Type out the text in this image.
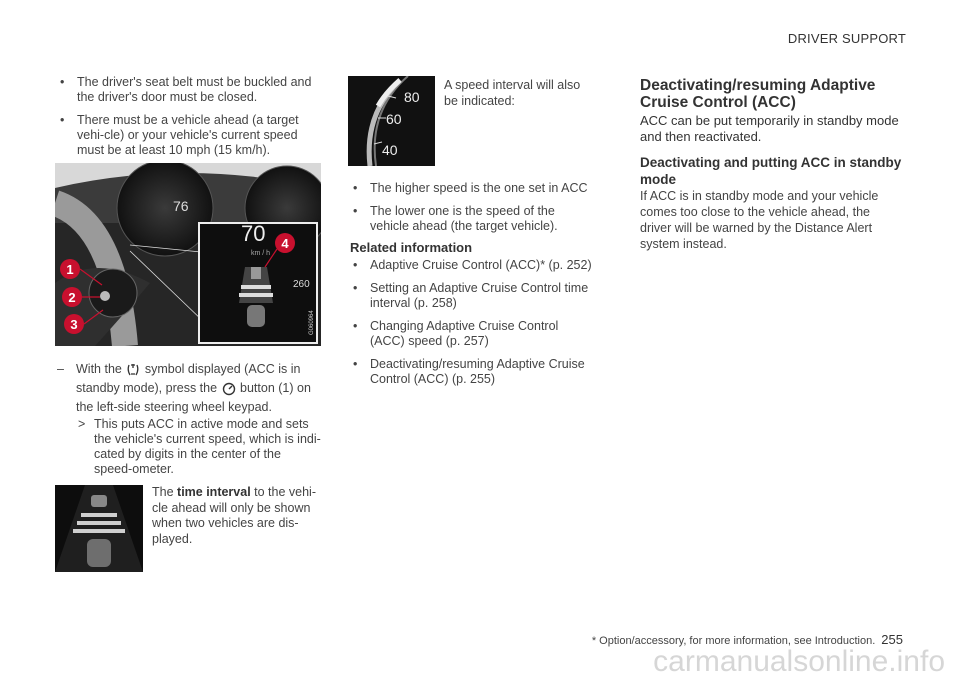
DRIVER SUPPORT
• The driver's seat belt must be buckled and the driver's door must be closed.
• There must be a vehicle ahead (a target vehi-cle) or your vehicle's current speed must be at least 10 mph (15 km/h).
76
70
km / h
260
G060964
1
2
3
4
– With the symbol displayed (ACC is in standby mode), press the button (1) on the left-side steering wheel keypad.
> This puts ACC in active mode and sets the vehicle's current speed, which is indi-cated by digits in the center of the speed-ometer.
The time interval to the vehi-cle ahead will only be shown when two vehicles are dis-played.
80
60
40
A speed interval will also be indicated:
• The higher speed is the one set in ACC
• The lower one is the speed of the vehicle ahead (the target vehicle).
Related information
• Adaptive Cruise Control (ACC)* (p. 252)
• Setting an Adaptive Cruise Control time interval (p. 258)
• Changing Adaptive Cruise Control (ACC) speed (p. 257)
• Deactivating/resuming Adaptive Cruise Control (ACC) (p. 255)
Deactivating/resuming Adaptive Cruise Control (ACC)
ACC can be put temporarily in standby mode and then reactivated.
Deactivating and putting ACC in standby mode
If ACC is in standby mode and your vehicle comes too close to the vehicle ahead, the driver will be warned by the Distance Alert system instead.
* Option/accessory, for more information, see Introduction. 255
carmanualsonline.info
